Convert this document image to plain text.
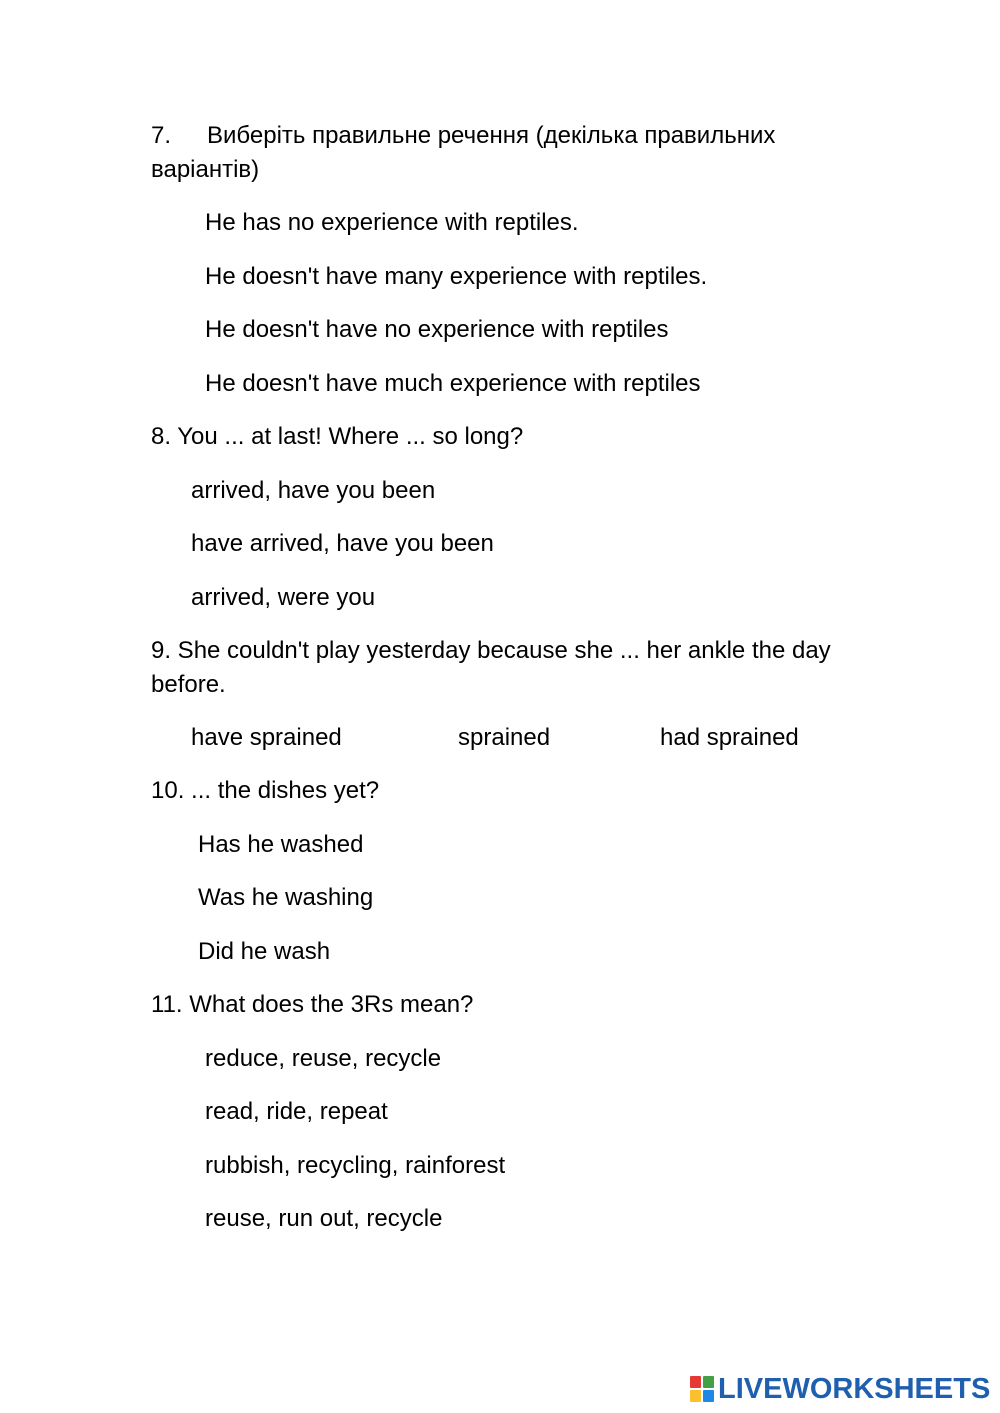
7. Виберіть правильне речення (декілька правильних
варіантів)
He has no experience with reptiles.
He doesn't have many experience with reptiles.
He doesn't have no experience with reptiles
He doesn't have much experience with reptiles
8. You ... at last! Where ... so long?
arrived, have you been
have arrived, have you been
arrived, were you
9. She couldn't play yesterday because she ... her ankle the day
before.
have sprained	sprained	had sprained
10. ... the dishes yet?
Has he washed
Was he washing
Did he wash
11. What does the 3Rs mean?
reduce, reuse, recycle
read, ride, repeat
rubbish, recycling, rainforest
reuse, run out, recycle
LIVEWORKSHEETS
